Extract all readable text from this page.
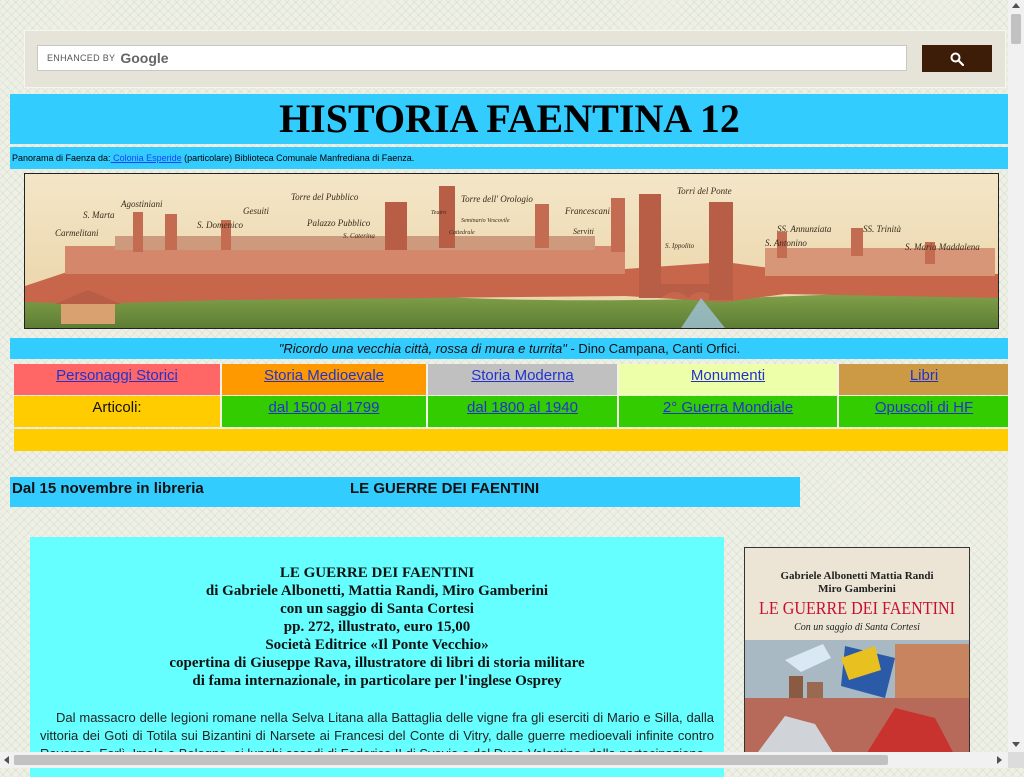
ENHANCED BY Google
HISTORIA FAENTINA 12
Panorama di Faenza da: Colonia Esperide (particolare) Biblioteca Comunale Manfrediana di Faenza.
Agostiniani
S. Marta
Carmelitani
S. Domenico
Gesuiti
Torre del Pubblico
Palazzo Pubblico
Torre dell' Orologio
Teatro
Seminario Vescovile
Cattedrale
S. Caterina
Francescani
Serviti
Torri del Ponte
S. Ippolito
SS. Annunziata
S. Antonino
SS. Trinità
S. Maria Maddalena
"Ricordo una vecchia città, rossa di mura e turrita" - Dino Campana, Canti Orfici.
Personaggi Storici	Storia Medioevale	Storia Moderna	Monumenti	Libri
Articoli:	dal 1500 al 1799	dal 1800 al 1940	2° Guerra Mondiale	Opuscoli di HF
Dal 15 novembre in libreria	LE GUERRE DEI FAENTINI
LE GUERRE DEI FAENTINI
di Gabriele Albonetti, Mattia Randi, Miro Gamberini
con un saggio di Santa Cortesi
pp. 272, illustrato, euro 15,00
Società Editrice «Il Ponte Vecchio»
copertina di Giuseppe Rava, illustratore di libri di storia militare
di fama internazionale, in particolare per l'inglese Osprey
Dal massacro delle legioni romane nella Selva Litana alla Battaglia delle vigne fra gli eserciti di Mario e Silla, dalla vittoria dei Goti di Totila sui Bizantini di Narsete ai Francesi del Conte di Vitry, dalle guerre medioevali infinite contro
Gabriele Albonetti Mattia Randi
Miro Gamberini
LE GUERRE DEI FAENTINI
Con un saggio di Santa Cortesi
